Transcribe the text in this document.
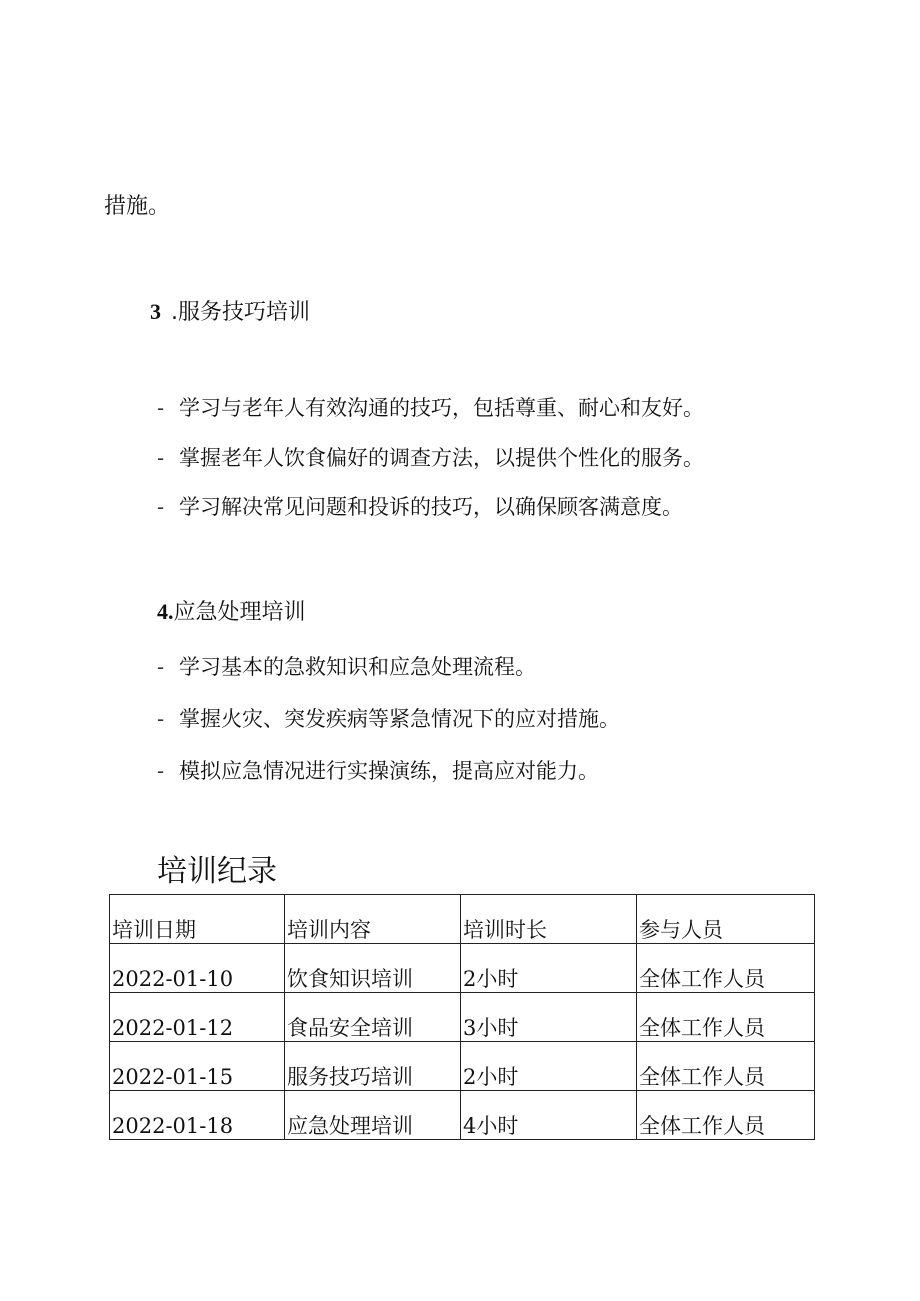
措施。
3 .服务技巧培训
- 学习与老年人有效沟通的技巧，包括尊重、耐心和友好。
- 掌握老年人饮食偏好的调查方法，以提供个性化的服务。
- 学习解决常见问题和投诉的技巧，以确保顾客满意度。
4.应急处理培训
- 学习基本的急救知识和应急处理流程。
- 掌握火灾、突发疾病等紧急情况下的应对措施。
- 模拟应急情况进行实操演练，提高应对能力。
培训纪录
培训日期	培训内容	培训时长	参与人员
2022-01-10	饮食知识培训	2小时	全体工作人员
2022-01-12	食品安全培训	3小时	全体工作人员
2022-01-15	服务技巧培训	2小时	全体工作人员
2022-01-18	应急处理培训	4小时	全体工作人员
